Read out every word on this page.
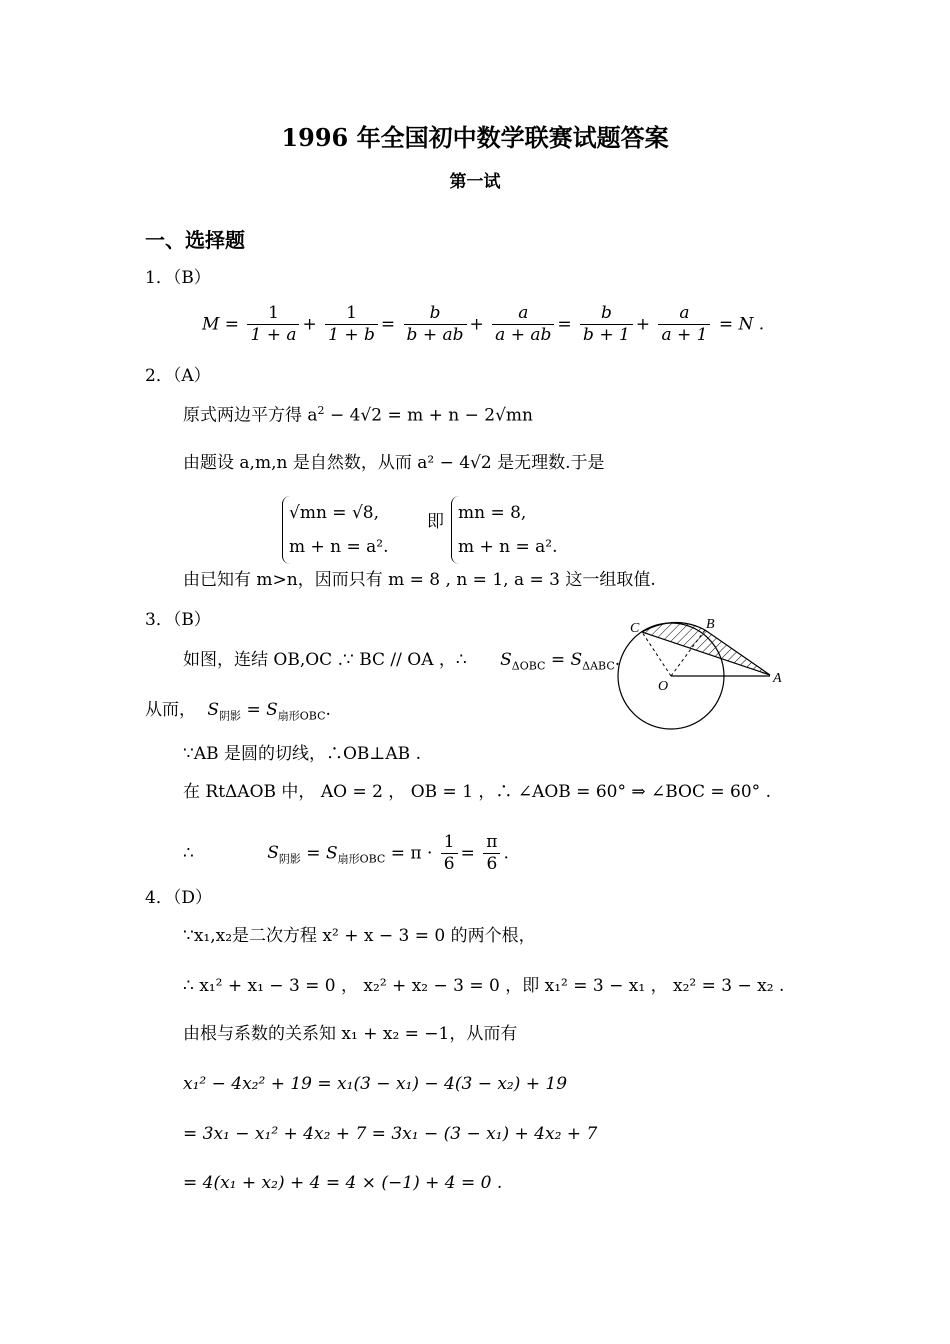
1996 年全国初中数学联赛试题答案
第一试
一、选择题
1．（B）
$M = \frac{1}{1 + a} + \frac{1}{1 + b} = \frac{b}{b + ab} + \frac{a}{a + ab} = \frac{b}{b + 1} + \frac{a}{a + 1} = N$ .
2．（A）
原式两边平方得 $a^2 - 4√2 = m + n - 2√mn$
由题设 a,m,n 是自然数，从而 a² − 4√2 是无理数.于是
√mn = √8,
m + n = a².
即 mn = 8,
m + n = a².
由已知有 m>n，因而只有 m = 8 , n = 1, a = 3 这一组取值.
3．（B）
如图，连结 OB,OC .∵ BC // OA ，∴ $S_{\Delta OBC} = S_{\Delta ABC}$.
从而， $S_{阴影} = S_{扇形OBC}$.
∵AB 是圆的切线，∴OB⊥AB .
在 RtΔAOB 中， AO = 2 ， OB = 1 ，∴ ∠AOB = 60° ⇒ ∠BOC = 60° .
∴	$S_{阴影} = S_{扇形OBC} = \pi \cdot \frac{1}{6} = \frac{\pi}{6}$ .
C	B
O
A
4．（D）
∵x₁,x₂是二次方程 x² + x − 3 = 0 的两个根，
∴ x₁² + x₁ − 3 = 0 ， x₂² + x₂ − 3 = 0 ，即 x₁² = 3 − x₁ ， x₂² = 3 − x₂ .
由根与系数的关系知 x₁ + x₂ = −1，从而有
x₁² − 4x₂² + 19 = x₁(3 − x₁) − 4(3 − x₂) + 19
= 3x₁ − x₁² + 4x₂ + 7 = 3x₁ − (3 − x₁) + 4x₂ + 7
= 4(x₁ + x₂) + 4 = 4 × (−1) + 4 = 0 .
